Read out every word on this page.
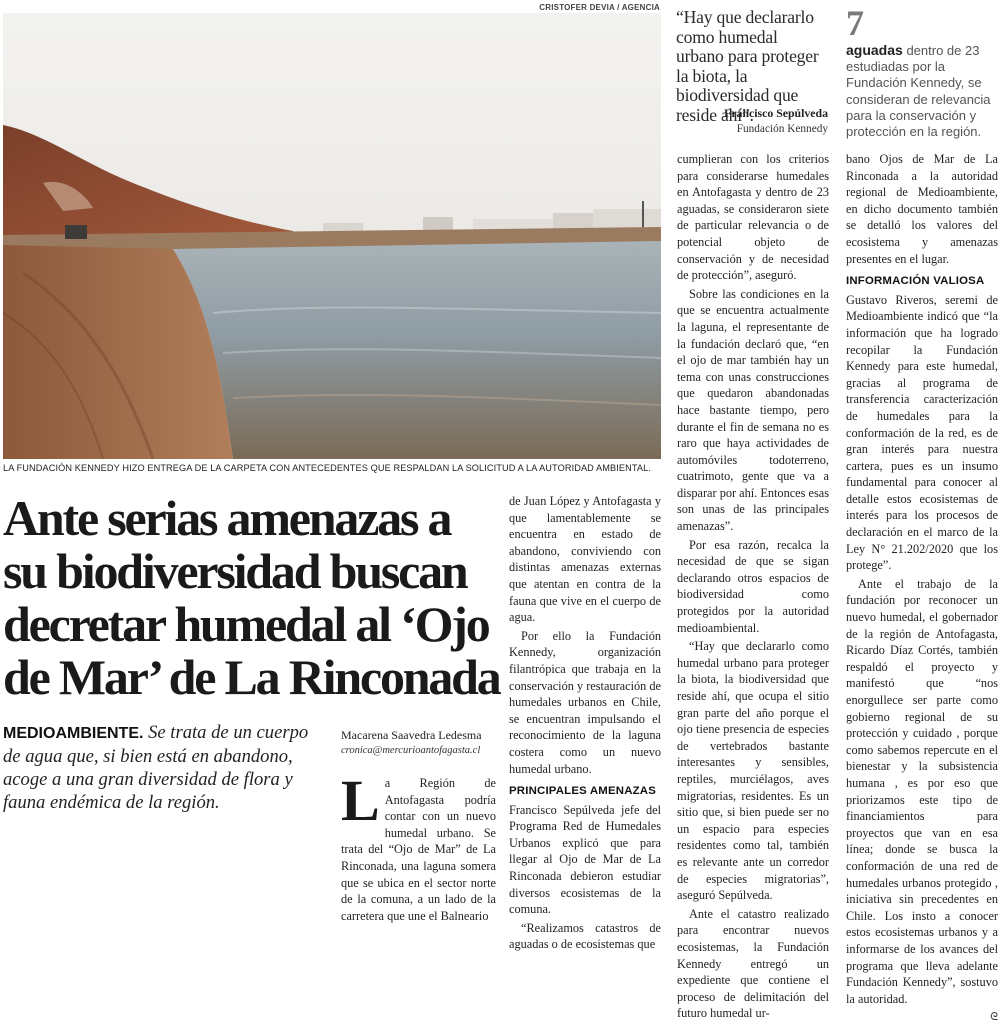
CRISTOFER DEVIA / AGENCIA
LA FUNDACIÓN KENNEDY HIZO ENTREGA DE LA CARPETA CON ANTECEDENTES QUE RESPALDAN LA SOLICITUD A LA AUTORIDAD AMBIENTAL.
Ante serias amenazas a su biodiversidad buscan decretar humedal al ‘Ojo de Mar’ de La Rinconada
MEDIOAMBIENTE. Se trata de un cuerpo de agua que, si bien está en abandono, acoge a una gran diversidad de flora y fauna endémica de la región.
Macarena Saavedra Ledesma
cronica@mercurioantofagasta.cl
L a Región de Antofagasta podría contar con un nuevo humedal urbano. Se trata del “Ojo de Mar” de La Rinconada, una laguna somera que se ubica en el sector norte de la comuna, a un lado de la carretera que une el Balneario

de Juan López y Antofagasta y que lamentablemente se encuentra en estado de abandono, conviviendo con distintas amenazas externas que atentan en contra de la fauna que vive en el cuerpo de agua.

Por ello la Fundación Kennedy, organización filantrópica que trabaja en la conservación y restauración de humedales urbanos en Chile, se encuentran impulsando el reconocimiento de la laguna costera como un nuevo humedal urbano.

PRINCIPALES AMENAZAS

Francisco Sepúlveda jefe del Programa Red de Humedales Urbanos explicó que para llegar al Ojo de Mar de La Rinconada debieron estudiar diversos ecosistemas de la comuna.

“Realizamos catastros de aguadas o de ecosistemas que

“Hay que declararlo como humedal urbano para proteger la biota, la biodiversidad que reside ahí”.
Francisco Sepúlveda
Fundación Kennedy
7
aguadas dentro de 23 estudiadas por la Fundación Kennedy, se consideran de relevancia para la conservación y protección en la región.

cumplieran con los criterios para considerarse humedales en Antofagasta y dentro de 23 aguadas, se consideraron siete de particular relevancia o de potencial objeto de conservación y de necesidad de protección”, aseguró.

Sobre las condiciones en la que se encuentra actualmente la laguna, el representante de la fundación declaró que, “en el ojo de mar también hay un tema con unas construcciones que quedaron abandonadas hace bastante tiempo, pero durante el fin de semana no es raro que haya actividades de automóviles todoterreno, cuatrimoto, gente que va a disparar por ahí. Entonces esas son unas de las principales amenazas”.

Por esa razón, recalca la necesidad de que se sigan declarando otros espacios de biodiversidad como protegidos por la autoridad medioambiental.

“Hay que declararlo como humedal urbano para proteger la biota, la biodiversidad que reside ahí, que ocupa el sitio gran parte del año porque el ojo tiene presencia de especies de vertebrados bastante interesantes y sensibles, reptiles, murciélagos, aves migratorias, residentes. Es un sitio que, si bien puede ser no un espacio para especies residentes como tal, también es relevante ante un corredor de especies migratorias”, aseguró Sepúlveda.

Ante el catastro realizado para encontrar nuevos ecosistemas, la Fundación Kennedy entregó un expediente que contiene el proceso de delimitación del futuro humedal ur-

bano Ojos de Mar de La Rinconada a la autoridad regional de Medioambiente, en dicho documento también se detalló los valores del ecosistema y amenazas presentes en el lugar.

INFORMACIÓN VALIOSA

Gustavo Riveros, seremi de Medioambiente indicó que “la información que ha logrado recopilar la Fundación Kennedy para este humedal, gracias al programa de transferencia caracterización de humedales para la conformación de la red, es de gran interés para nuestra cartera, pues es un insumo fundamental para conocer al detalle estos ecosistemas de interés para los procesos de declaración en el marco de la Ley N° 21.202/2020 que los protege”.

Ante el trabajo de la fundación por reconocer un nuevo humedal, el gobernador de la región de Antofagasta, Ricardo Díaz Cortés, también respaldó el proyecto y manifestó que “nos enorgullece ser parte como gobierno regional de su protección y cuidado , porque como sabemos repercute en el bienestar y la subsistencia humana , es por eso que priorizamos este tipo de financiamientos para proyectos que van en esa línea; donde se busca la conformación de una red de humedales urbanos protegido , iniciativa sin precedentes en Chile. Los insto a conocer estos ecosistemas urbanos y a informarse de los avances del programa que lleva adelante Fundación Kennedy”, sostuvo la autoridad.

ᘓ
